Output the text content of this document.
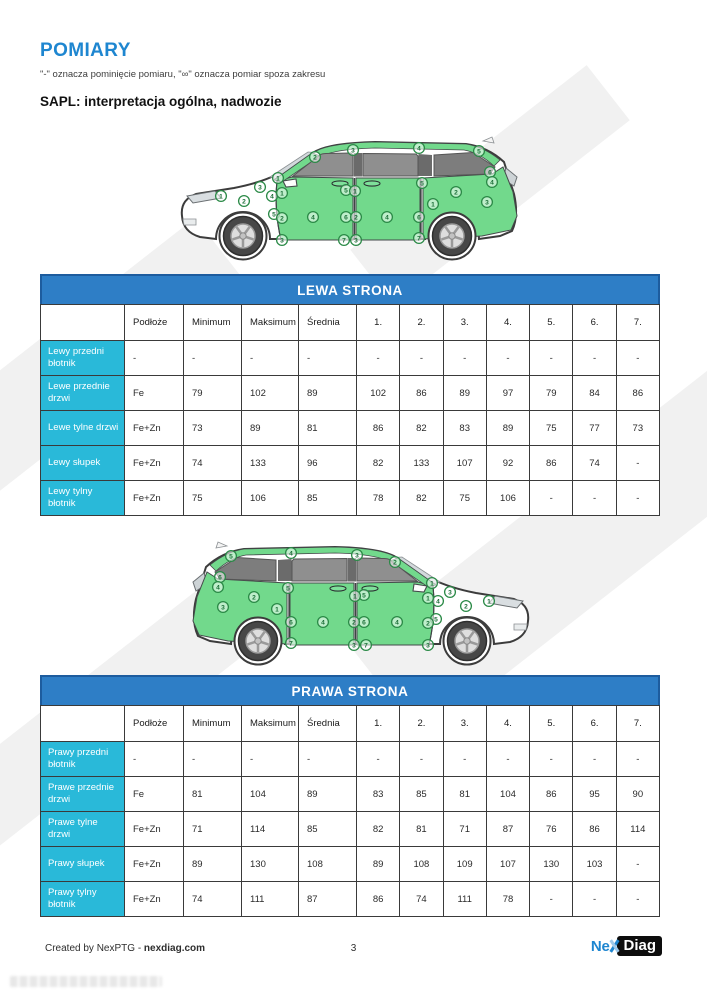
POMIARY
"-" oznacza pominięcie pomiaru, "∞" oznacza pomiar spoza zakresu
SAPL: interpretacja ogólna, nadwozie
1
2
3
4
5
1
2
3	4	5
6
1
2
3
4
5
6
7
1
2
3
4
5
6
7
1
2
3
4
LEWA STRONA
	Podłoże	Minimum	Maksimum	Średnia	1.	2.	3.	4.	5.	6.	7.
Lewy przedni błotnik	-	-	-	-	-	-	-	-	-	-	-
Lewe przednie drzwi	Fe	79	102	89	102	86	89	97	79	84	86
Lewe tylne drzwi	Fe+Zn	73	89	81	86	82	83	89	75	77	73
Lewy słupek	Fe+Zn	74	133	96	82	133	107	92	86	74	-
Lewy tylny błotnik	Fe+Zn	75	106	85	78	82	75	106	-	-	-
1
2
3
4
5
1
2
3
4
5
6
1
2
3
4
5
6
7
1
2
3
4
5
6
7
1
2
3
4
PRAWA STRONA
	Podłoże	Minimum	Maksimum	Średnia	1.	2.	3.	4.	5.	6.	7.
Prawy przedni błotnik	-	-	-	-	-	-	-	-	-	-	-
Prawe przednie drzwi	Fe	81	104	89	83	85	81	104	86	95	90
Prawe tylne drzwi	Fe+Zn	71	114	85	82	81	71	87	76	86	114
Prawy słupek	Fe+Zn	89	130	108	89	108	109	107	130	103	-
Prawy tylny błotnik	Fe+Zn	74	111	87	86	74	111	78	-	-	-
Created by NexPTG - nexdiag.com	3	Ne Diag
